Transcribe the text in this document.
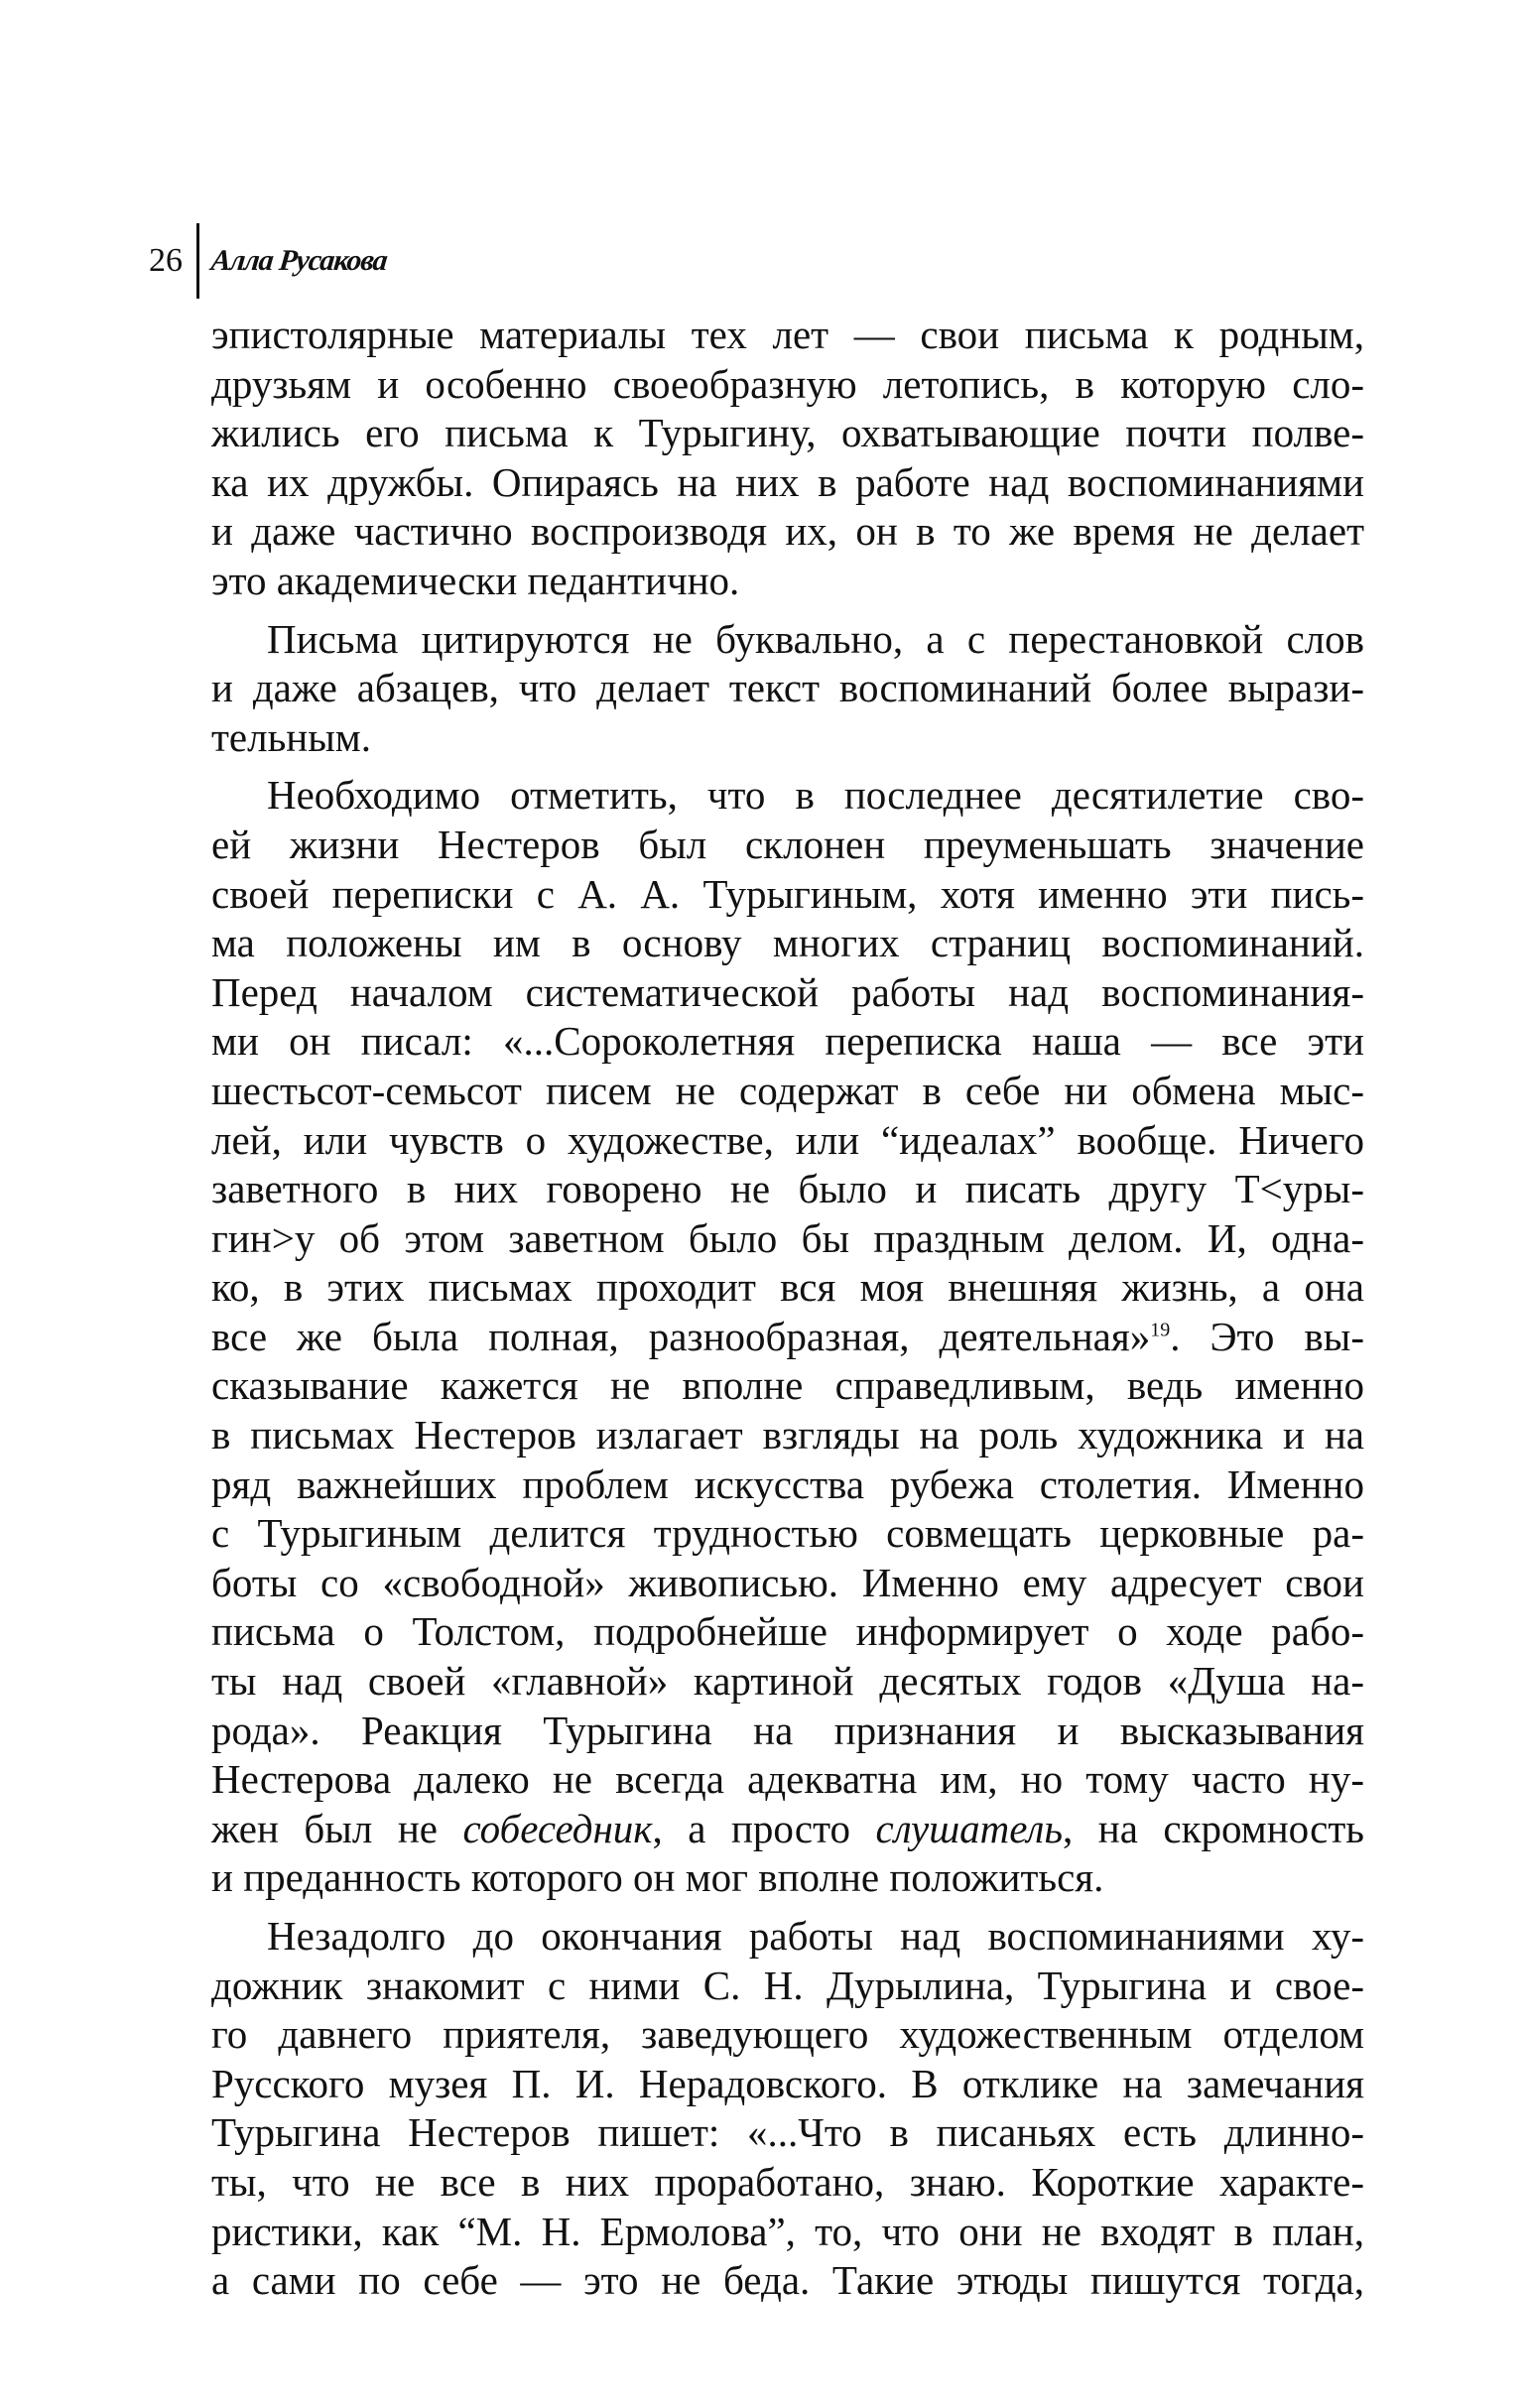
26 Алла Русакова
эпистолярные материалы тех лет — свои письма к родным,
друзьям и особенно своеобразную летопись, в которую сло-
жились его письма к Турыгину, охватывающие почти полве-
ка их дружбы. Опираясь на них в работе над воспоминаниями
и даже частично воспроизводя их, он в то же время не делает
это академически педантично.
Письма цитируются не буквально, а с перестановкой слов
и даже абзацев, что делает текст воспоминаний более вырази-
тельным.
Необходимо отметить, что в последнее десятилетие сво-
ей жизни Нестеров был склонен преуменьшать значение
своей переписки с А. А. Турыгиным, хотя именно эти пись-
ма положены им в основу многих страниц воспоминаний.
Перед началом систематической работы над воспоминания-
ми он писал: «...Сороколетняя переписка наша — все эти
шестьсот-семьсот писем не содержат в себе ни обмена мыс-
лей, или чувств о художестве, или “идеалах” вообще. Ничего
заветного в них говорено не было и писать другу Т<уры-
гин>у об этом заветном было бы праздным делом. И, одна-
ко, в этих письмах проходит вся моя внешняя жизнь, а она
все же была полная, разнообразная, деятельная»$^{19}$. Это вы-
сказывание кажется не вполне справедливым, ведь именно
в письмах Нестеров излагает взгляды на роль художника и на
ряд важнейших проблем искусства рубежа столетия. Именно
с Турыгиным делится трудностью совмещать церковные ра-
боты со «свободной» живописью. Именно ему адресует свои
письма о Толстом, подробнейше информирует о ходе рабо-
ты над своей «главной» картиной десятых годов «Душа на-
рода». Реакция Турыгина на признания и высказывания
Нестерова далеко не всегда адекватна им, но тому часто ну-
жен был не собеседник, а просто слушатель, на скромность
и преданность которого он мог вполне положиться.
Незадолго до окончания работы над воспоминаниями ху-
дожник знакомит с ними С. Н. Дурылина, Турыгина и свое-
го давнего приятеля, заведующего художественным отделом
Русского музея П. И. Нерадовского. В отклике на замечания
Турыгина Нестеров пишет: «...Что в писаньях есть длинно-
ты, что не все в них проработано, знаю. Короткие характе-
ристики, как “М. Н. Ермолова”, то, что они не входят в план,
а сами по себе — это не беда. Такие этюды пишутся тогда,
